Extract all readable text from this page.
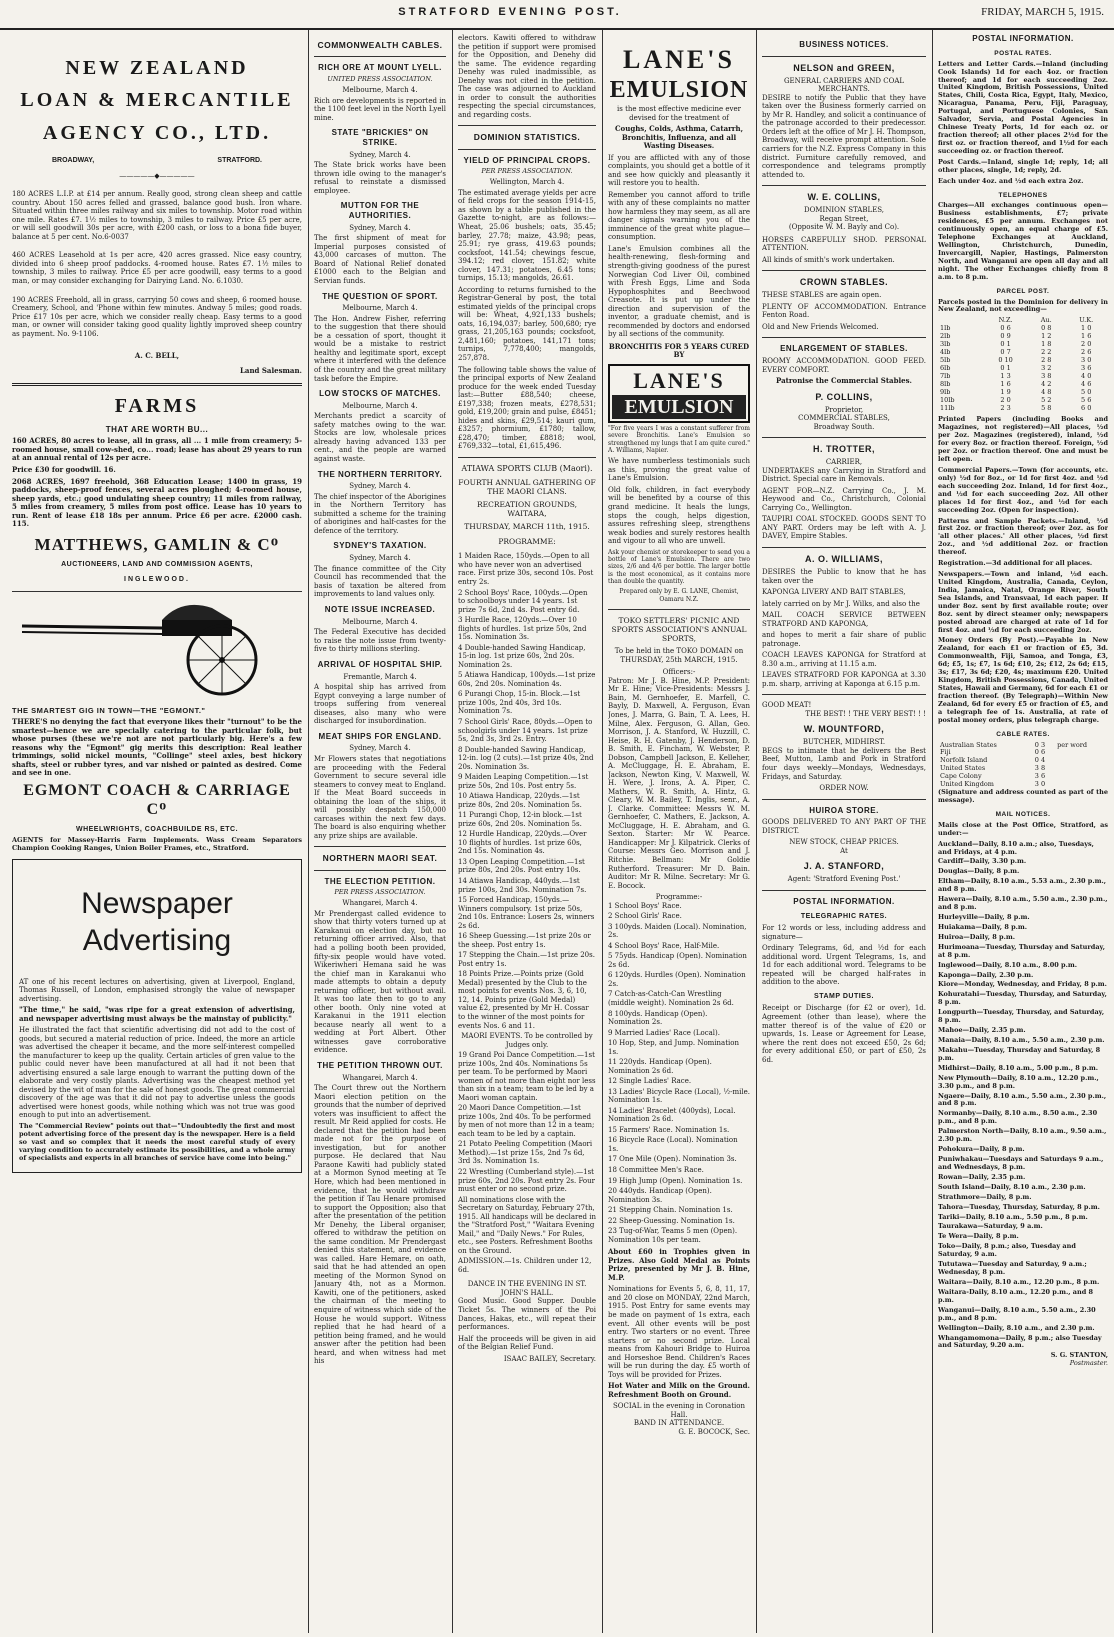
STRATFORD EVENING POST.	FRIDAY, MARCH 5, 1915.
NEW ZEALAND
LOAN & MERCANTILE
AGENCY CO., LTD.
BROADWAY,	STRATFORD.
—————◆—————

180 ACRES L.I.P. at £14 per annum. Really good, strong clean sheep and cattle country. About 150 acres felled and grassed, balance good bush. Iron whare. Situated within three miles railway and six miles to township. Motor road within one mile. Rates £7. 1½ miles to township, 3 miles to railway. Price £5 per acre, or will sell goodwill 30s per acre, with £200 cash, or loss to a bona fide buyer, balance at 5 per cent. No.6-0037

460 ACRES Leasehold at 1s per acre, 420 acres grassed. Nice easy country, divided into 6 sheep proof paddocks. 4-roomed house. Rates £7. 1½ miles to township, 3 miles to railway. Price £5 per acre goodwill, easy terms to a good man, or may consider exchanging for Dairying Land. No. 6.1030.

190 ACRES Freehold, all in grass, carrying 50 cows and sheep, 6 roomed house. Creamery, School, and 'Phone within few minutes. Andway 5 miles; good roads. Price £17 10s per acre, which we consider really cheap. Easy terms to a good man, or owner will consider taking good quality lightly improved sheep country as payment. No. 9-1106.

A. C. BELL,
Land Salesman.
FARMS
THAT ARE WORTH BU...

160 ACRES, 80 acres to lease, all in grass, all ... 1 mile from creamery; 5-roomed house, small cow-shed, co... road; lease has about 29 years to run at an annual rental of 12s per acre.

Price £30 for goodwill. 16.

2068 ACRES, 1697 freehold, 368 Education Lease; 1400 in grass, 19 paddocks, sheep-proof fences, several acres ploughed; 4-roomed house, sheep yards, etc.; good undulating sheep country; 11 miles from railway, 5 miles from creamery, 5 miles from post office. Lease has 10 years to run. Rent of lease £18 18s per annum. Price £6 per acre. £2000 cash. 115.

MATTHEWS, GAMLIN & Cᴼ
AUCTIONEERS, LAND AND COMMISSION AGENTS,
INGLEWOOD.
THE SMARTEST GIG IN TOWN—THE "EGMONT."

THERE'S no denying the fact that everyone likes their "turnout" to be the smartest—hence we are specially catering to the particular folk, but whose purses (these we're not are not particularly big. Here's a few reasons why the "Egmont" gig merits this description: Real leather trimmings, solid nickel mounts, "Collinge" steel axles, best hickory shafts, steel or rubber tyres, and var nished or painted as desired. Come and see in one.

EGMONT COACH & CARRIAGE Cᴼ
WHEELWRIGHTS, COACHBUILDE RS, ETC.

AGENTS for Massey-Harris Farm Implements. Wass Cream Separators Champion Cooking Ranges, Union Boiler Frames, etc., Stratford.

Newspaper
Advertising

AT one of his recent lectures on advertising, given at Liverpool, England, Thomas Russell, of London, emphasised strongly the value of newspaper advertising.

"The time," he said, "was ripe for a great extension of advertising, and newspaper advertising must always be the mainstay of publicity."

He illustrated the fact that scientific advertising did not add to the cost of goods, but secured a material reduction of price. Indeed, the more an article was advertised the cheaper it became, and the more self-interest compelled the manufacturer to keep up the quality. Certain articles of gren value to the public could never have been manufactured at all had it not been that advertising ensured a sale large enough to warrant the putting down of the elaborate and very costly plants. Advertising was the cheapest method yet devised by the wit of man for the sale of honest goods. The great commercial discovery of the age was that it did not pay to advertise unless the goods advertised were honest goods, while nothing which was not true was good enough to put into an advertisement.

The "Commercial Review" points out that—"Undoubtedly the first and most potent advertising force of the present day is the newspaper. Here is a field so vast and so complex that it needs the most careful study of every varying condition to accurately estimate its possibilities, and a whole army of specialists and experts in all branches of service have come into being."

COMMONWEALTH CABLES.
RICH ORE AT MOUNT LYELL.
UNITED PRESS ASSOCIATION.
Melbourne, March 4.

Rich ore developments is reported in the 1100 feet level in the North Lyell mine.

STATE "BRICKIES" ON STRIKE.
Sydney, March 4.

The State brick works have been thrown idle owing to the manager's refusal to reinstate a dismissed employee.

MUTTON FOR THE AUTHORITIES.
Sydney, March 4.

The first shipment of meat for Imperial purposes consisted of 43,000 carcases of mutton. The Board of National Relief donated £1000 each to the Belgian and Servian funds.

THE QUESTION OF SPORT.
Melbourne, March 4.

The Hon. Andrew Fisher, referring to the suggestion that there should be a cessation of sport, thought it would be a mistake to restrict healthy and legitimate sport, except where it interfered with the defence of the country and the great military task before the Empire.

LOW STOCKS OF MATCHES.
Melbourne, March 4.

Merchants predict a scarcity of safety matches owing to the war. Stocks are low, wholesale prices already having advanced 133 per cent., and the people are warned against waste.

THE NORTHERN TERRITORY.
Sydney, March 4.

The chief inspector of the Aborigines in the Northern Territory has submitted a scheme for the training of aborigines and half-castes for the defence of the territory.

SYDNEY'S TAXATION.
Sydney, March 4.

The finance committee of the City Council has recommended that the basis of taxation be altered from improvements to land values only.

NOTE ISSUE INCREASED.
Melbourne, March 4.

The Federal Executive has decided to raise the note issue from twenty-five to thirty millions sterling.

ARRIVAL OF HOSPITAL SHIP.
Fremantle, March 4.

A hospital ship has arrived from Egypt conveying a large number of troops suffering from venereal diseases, also many who were discharged for insubordination.

MEAT SHIPS FOR ENGLAND.
Sydney, March 4.

Mr Flowers states that negotiations are proceeding with the Federal Government to secure several idle steamers to convey meat to England. If the Meat Board succeeds in obtaining the loan of the ships, it will possibly despatch 150,000 carcases within the next few days. The board is also enquiring whether any prize ships are available.

NORTHERN MAORI SEAT.
THE ELECTION PETITION.
PER PRESS ASSOCIATION.
Whangarei, March 4.

Mr Prendergast called evidence to show that thirty voters turned up at Karakanui on election day, but no returning officer arrived. Also, that had a polling booth been provided, fifty-six people would have voted. Wikeriwheri Hemana said he was the chief man in Karakanui who made attempts to obtain a deputy returning officer, but without avail. It was too late then to go to any other booth. Only nine voted at Karakanui in the 1911 election because nearly all went to a wedding at Port Albert. Other witnesses gave corroborative evidence.

THE PETITION THROWN OUT.
Whangarei, March 4.

The Court threw out the Northern Maori election petition on the grounds that the number of deprived voters was insufficient to affect the result. Mr Reid applied for costs. He declared that the petition had been made not for the purpose of investigation, but for another purpose. He declared that Nau Paraone Kawiti had publicly stated at a Mormon Synod meeting at Te Hore, which had been mentioned in evidence, that he would withdraw the petition if Tau Henare promised to support the Opposition; also that after the presentation of the petition Mr Denehy, the Liberal organiser, offered to withdraw the petition on the same condition. Mr Prendergast denied this statement, and evidence was called. Hare Hemare, on oath, said that he had attended an open meeting of the Mormon Synod on January 4th, not as a Mormon. Kawiti, one of the petitioners, asked the chairman of the meeting to enquire of witness which side of the House he would support. Witness replied that he had heard of a petition being framed, and he would answer after the petition had been heard, and when witness had met his

electors. Kawiti offered to withdraw the petition if support were promised for the Opposition, and Denehy did the same. The evidence regarding Denehy was ruled inadmissible, as Denehy was not cited in the petition. The case was adjourned to Auckland in order to consult the authorities respecting the special circumstances, and regarding costs.

DOMINION STATISTICS.
YIELD OF PRINCIPAL CROPS.
PER PRESS ASSOCIATION.
Wellington, March 4.

The estimated average yields per acre of field crops for the season 1914-15, as shown by a table published in the Gazette to-night, are as follows:—Wheat, 25.06 bushels; oats, 35.45; barley, 27.78; maize, 43.98; peas, 25.91; rye grass, 419.63 pounds; cocksfoot, 141.54; chewings fescue, 394.12; red clover, 151.82; white clover, 147.31; potatoes, 6.45 tons; turnips, 15.13; mangolds, 26.61.

According to returns furnished to the Registrar-General by post, the total estimated yields of the principal crops will be: Wheat, 4,921,133 bushels; oats, 16,194,037; barley, 500,680; rye grass, 21,205,163 pounds; cocksfoot, 2,481,160; potatoes, 141,171 tons; turnips, 7,778,400; mangolds, 257,878.

The following table shows the value of the principal exports of New Zealand produce for the week ended Tuesday last:—Butter £88,540; cheese, £197,338; frozen meats, £278,531; gold, £19,200; grain and pulse, £8451; hides and skins, £29,514; kauri gum, £3257; phormium, £1780; tallow, £28,470; timber, £8818; wool, £769,332—total, £1,615,496.

ATIAWA SPORTS CLUB (Maori).
FOURTH ANNUAL GATHERING OF THE MAORI CLANS.
RECREATION GROUNDS, WAITARA,
THURSDAY, MARCH 11th, 1915.
PROGRAMME:
1 Maiden Race, 150yds.—Open to all who have never won an advertised race. First prize 30s, second 10s. Post entry 2s.
2 School Boys' Race, 100yds.—Open to schoolboys under 14 years. 1st prize 7s 6d, 2nd 4s. Post entry 6d.
3 Hurdle Race, 120yds.—Over 10 flights of hurdles. 1st prize 50s, 2nd 15s. Nomination 3s.
4 Double-handed Sawing Handicap, 15-in log. 1st prize 60s, 2nd 20s. Nomination 2s.
5 Atiawa Handicap, 100yds.—1st prize 60s, 2nd 20s. Nomination 4s.
6 Purangi Chop, 15-in. Block.—1st prize 100s, 2nd 40s, 3rd 10s. Nomination 7s.
7 School Girls' Race, 80yds.—Open to schoolgirls under 14 years. 1st prize 5s, 2nd 3s, 3rd 2s. Entry.
8 Double-handed Sawing Handicap, 12-in. log (2 cuts).—1st prize 40s, 2nd 20s. Nomination 3s.
9 Maiden Leaping Competition.—1st prize 50s, 2nd 10s. Post entry 5s.
10 Atiawa Handicap, 220yds.—1st prize 80s, 2nd 20s. Nomination 5s.
11 Purangi Chop, 12-in block.—1st prize 60s, 2nd 20s. Nomination 5s.
12 Hurdle Handicap, 220yds.—Over 10 flights of hurdles. 1st prize 60s, 2nd 15s. Nomination 4s.
13 Open Leaping Competition.—1st prize 80s, 2nd 20s. Post entry 10s.
14 Atiawa Handicap, 440yds.—1st prize 100s, 2nd 30s. Nomination 7s.
15 Forced Handicap, 150yds.—Winners compulsory. 1st prize 50s, 2nd 10s. Entrance: Losers 2s, winners 2s 6d.
16 Sheep Guessing.—1st prize 20s or the sheep. Post entry 1s.
17 Stepping the Chain.—1st prize 20s. Post entry 1s.
18 Points Prize.—Points prize (Gold Medal) presented by the Club to the most points for events Nos. 3, 6, 10, 12, 14. Points prize (Gold Medal) value £2, presented by Mr H. Cossar to the winner of the most points for events Nos. 6 and 11.
MAORI EVENTS. To be controlled by Judges only.
19 Grand Poi Dance Competition.—1st prize 100s, 2nd 40s. Nominations 5s per team. To be performed by Maori women of not more than eight nor less than six in a team; team to be led by a Maori woman captain.
20 Maori Dance Competition.—1st prize 100s, 2nd 40s. To be performed by men of not more than 12 in a team; each team to be led by a captain.
21 Potato Peeling Competition (Maori Method).—1st prize 15s, 2nd 7s 6d, 3rd 3s. Nomination 1s.
22 Wrestling (Cumberland style).—1st prize 60s, 2nd 20s. Post entry 2s. Four must enter or no second prize.
All nominations close with the Secretary on Saturday, February 27th, 1915. All handicaps will be declared in the "Stratford Post," "Waitara Evening Mail," and "Daily News." For Rules, etc., see Posters. Refreshment Booths on the Ground.
ADMISSION.—1s. Children under 12, 6d.
DANCE IN THE EVENING IN ST. JOHN'S HALL.

Good Music. Good Supper. Double Ticket 5s. The winners of the Poi Dances, Hakas, etc., will repeat their performances.

Half the proceeds will be given in aid of the Belgian Relief Fund.

ISAAC BAILEY, Secretary.
LANE'S
EMULSION

is the most effective medicine ever devised for the treatment of

Coughs, Colds, Asthma, Catarrh, Bronchitis, Influenza, and all Wasting Diseases.

If you are afflicted with any of those complaints, you should get a bottle of it and see how quickly and pleasantly it will restore you to health.

Remember you cannot afford to trifle with any of these complaints no matter how harmless they may seem, as all are danger signals warning you of the imminence of the great white plague—consumption.

Lane's Emulsion combines all the health-renewing, flesh-forming and strength-giving goodness of the purest Norwegian Cod Liver Oil, combined with Fresh Eggs, Lime and Soda Hypophosphites and Beechwood Creasote. It is put up under the direction and supervision of the inventor, a graduate chemist, and is recommended by doctors and endorsed by all sections of the community.

BRONCHITIS FOR 5 YEARS CURED BY
LANE'S
EMULSION

"For five years I was a constant sufferer from severe Bronchitis. Lane's Emulsion so strengthened my lungs that I am quite cured." A. Williams, Napier.

We have numberless testimonials such as this, proving the great value of Lane's Emulsion.

Old folk, children, in fact everybody will be benefited by a course of this grand medicine. It heals the lungs, stops the cough, helps digestion, assures refreshing sleep, strengthens weak bodies and surely restores health and vigour to all who are unwell.

Ask your chemist or storekeeper to send you a bottle of Lane's Emulsion. There are two sizes, 2/6 and 4/6 per bottle. The larger bottle is the most economical, as it contains more than double the quantity.

Prepared only by E. G. LANE, Chemist, Oamaru N.Z.
TOKO SETTLERS' PICNIC AND SPORTS ASSOCIATION'S ANNUAL SPORTS,
To be held in the TOKO DOMAIN on THURSDAY, 25th MARCH, 1915.
Officers:-

Patron: Mr J. B. Hine, M.P. President: Mr E. Hine; Vice-Presidents: Messrs J. Bain, M. Gernhoefer, E. Marfell, C. Bayly, D. Maxwell, A. Ferguson, Evan Jones, J. Marra, G. Bain, T. A. Lees, H. Milne, Alex. Ferguson, G. Allan, Geo. Morrison, J. A. Stanford, W. Huzzill, C. Heise, R. H. Gatenby, J. Henderson, D. B. Smith, E. Fincham, W. Webster, P. Dobson, Campbell Jackson, E. Kelleher, A. McCluggage, H. E. Abraham, E. Jackson, Newton King, V. Maxwell, W. H. Were, J. Irons, A. A. Piper, C. Mathers, W. R. Smith, A. Hintz, G. Cleary, W. M. Bailey, T. Inglis, senr., A. J. Clarke. Committee: Messrs W. M. Gernhoefer, C. Mathers, E. Jackson, A. McCluggage, H. E. Abraham, and G. Sexton. Starter: Mr W. Pearce. Handicapper: Mr J. Kilpatrick. Clerks of Course: Messrs Geo. Morrison and J. Ritchie. Bellman: Mr Goldie Rutherford. Treasurer: Mr D. Bain. Auditor: Mr R. Milne. Secretary: Mr G. E. Bocock.

Programme:-
1 School Boys' Race.
2 School Girls' Race.
3 100yds. Maiden (Local). Nomination, 2s.
4 School Boys' Race, Half-Mile.
5 75yds. Handicap (Open). Nomination 2s 6d.
6 120yds. Hurdles (Open). Nomination 2s.
7 Catch-as-Catch-Can Wrestling (middle weight). Nomination 2s 6d.
8 100yds. Handicap (Open). Nomination 2s.
9 Married Ladies' Race (Local).
10 Hop, Step, and Jump. Nomination 1s.
11 220yds. Handicap (Open). Nomination 2s 6d.
12 Single Ladies' Race.
13 Ladies' Bicycle Race (Local), ½-mile. Nomination 1s.
14 Ladies' Bracelet (400yds), Local. Nomination 2s 6d.
15 Farmers' Race. Nomination 1s.
16 Bicycle Race (Local). Nomination 1s.
17 One Mile (Open). Nomination 3s.
18 Committee Men's Race.
19 High Jump (Open). Nomination 1s.
20 440yds. Handicap (Open). Nomination 3s.
21 Stepping Chain. Nomination 1s.
22 Sheep-Guessing. Nomination 1s.
23 Tug-of-War, Teams 5 men (Open). Nomination 10s per team.

About £60 in Trophies given in Prizes. Also Gold Medal as Points Prize, presented by Mr J. B. Hine, M.P.

Nominations for Events 5, 6, 8, 11, 17, and 20 close on MONDAY, 22nd March, 1915. Post Entry for same events may be made on payment of 1s extra, each event. All other events will be post entry. Two starters or no event. Three starters or no second prize. Local means from Kahouri Bridge to Huiroa and Horseshoe Bend. Children's Races will be run during the day. £5 worth of Toys will be provided for Prizes.

Hot Water and Milk on the Ground. Refreshment Booth on Ground.

SOCIAL in the evening in Coronation Hall.
BAND IN ATTENDANCE.
G. E. BOCOCK, Sec.
BUSINESS NOTICES.
NELSON and GREEN,
GENERAL CARRIERS AND COAL MERCHANTS.

DESIRE to notify the Public that they have taken over the Business formerly carried on by Mr R. Handley, and solicit a continuance of the patronage accorded to their predecessor. Orders left at the office of Mr J. H. Thompson, Broadway, will receive prompt attention. Sole carriers for the N.Z. Express Company in this district. Furniture carefully removed, and correspondence and telegrams promptly attended to.

W. E. COLLINS,
DOMINION STABLES,
Regan Street,
(Opposite W. M. Bayly and Co).

HORSES CAREFULLY SHOD. PERSONAL ATTENTION.

All kinds of smith's work undertaken.

CROWN STABLES.

THESE STABLES are again open.

PLENTY OF ACCOMMODATION. Entrance Fenton Road.

Old and New Friends Welcomed.

ENLARGEMENT OF STABLES.

ROOMY ACCOMMODATION. GOOD FEED. EVERY COMFORT.

Patronise the Commercial Stables.
P. COLLINS,
Proprietor,
COMMERCIAL STABLES,
Broadway South.
H. TROTTER,
CARRIER,

UNDERTAKES any Carrying in Stratford and District. Special care in Removals.

AGENT FOR—N.Z. Carrying Co., J. M. Heywood and Co., Christchurch, Colonial Carrying Co., Wellington.

TAUPIRI COAL STOCKED. GOODS SENT TO ANY PART. Orders may be left with A. J. DAVEY, Empire Stables.

A. O. WILLIAMS,

DESIRES the Public to know that he has taken over the

KAPONGA LIVERY AND BAIT STABLES,

lately carried on by Mr J. Wilks, and also the

MAIL COACH SERVICE BETWEEN STRATFORD AND KAPONGA,

and hopes to merit a fair share of public patronage.

COACH LEAVES KAPONGA for Stratford at 8.30 a.m., arriving at 11.15 a.m.

LEAVES STRATFORD FOR KAPONGA at 3.30 p.m. sharp, arriving at Kaponga at 6.15 p.m.

GOOD MEAT!
THE BEST! ! THE VERY BEST! ! !
W. MOUNTFORD,
BUTCHER, MIDHIRST.

BEGS to intimate that he delivers the Best Beef, Mutton, Lamb and Pork in Stratford four days weekly—Mondays, Wednesdays, Fridays, and Saturday.

ORDER NOW.
HUIROA STORE.

GOODS DELIVERED TO ANY PART OF THE DISTRICT.

NEW STOCK, CHEAP PRICES.
At
J. A. STANFORD,
Agent: 'Stratford Evening Post.'
POSTAL INFORMATION.
TELEGRAPHIC RATES.

For 12 words or less, including address and signature—

Ordinary Telegrams, 6d, and ½d for each additional word. Urgent Telegrams, 1s, and 1d for each additional word. Telegrams to be repeated will be charged half-rates in addition to the above.

STAMP DUTIES.

Receipt or Discharge (for £2 or over), 1d. Agreement (other than lease), where the matter thereof is of the value of £20 or upwards, 1s. Lease or Agreement for Lease, where the rent does not exceed £50, 2s 6d; for every additional £50, or part of £50, 2s 6d.

POSTAL INFORMATION.
POSTAL RATES.

Letters and Letter Cards.—Inland (including Cook Islands) 1d for each 4oz. or fraction thereof; and 1d for each succeeding 2oz. United Kingdom, British Possessions, United States, Chili, Costa Rica, Egypt, Italy, Mexico, Nicaragua, Panama, Peru, Fiji, Paraguay, Portugal, and Portuguese Colonies, San Salvador, Servia, and Postal Agencies in Chinese Treaty Ports, 1d for each oz. or fraction thereof; all other places 2½d for the first oz. or fraction thereof, and 1½d for each succeeding oz. or fraction thereof.

Post Cards.—Inland, single 1d; reply, 1d; all other places, single, 1d; reply, 2d.

Each under 4oz. and ½d each extra 2oz.

TELEPHONES

Charges—All exchanges continuous open—Business establishments, £7; private residences, £5 per annum. Exchanges not continuously open, an equal charge of £5. Telephone Exchanges at Auckland, Wellington, Christchurch, Dunedin, Invercargill, Napier, Hastings, Palmerston North, and Wanganui are open all day and all night. The other Exchanges chiefly from 8 a.m. to 8 p.m.

PARCEL POST.

Parcels posted in the Dominion for delivery in New Zealand, not exceeding—

	N.Z.	Au.	U.K.
1lb	0 6	0 8	1 0
2lb	0 9	1 2	1 6
3lb	0 1	1 8	2 0
4lb	0 7	2 2	2 6
5lb	0 10	2 8	3 0
6lb	0 1	3 2	3 6
7lb	1 3	3 8	4 0
8lb	1 6	4 2	4 6
9lb	1 9	4 8	5 0
10lb	2 0	5 2	5 6
11lb	2 3	5 8	6 0

Printed Papers (including Books and Magazines, not registered)—All places, ½d per 2oz. Magazines (registered), inland, ½d for every 8oz. or fraction thereof. Foreign, ½d per 2oz. or fraction thereof. One and must be left open.

Commercial Papers.—Town (for accounts, etc. only) ½d for 8oz., or 1d for first 4oz. and ½d each succeeding 2oz. Inland, 1d for first 4oz., and ½d for each succeeding 2oz. All other places 1d for first 4oz., and ½d for each succeeding 2oz. (Open for inspection).

Patterns and Sample Packets.—Inland, ½d first 2oz. or fraction thereof; over 2oz. as for 'all other places.' All other places, ½d first 2oz., and ½d additional 2oz. or fraction thereof.

Registration.—3d additional for all places.

Newspapers.—Town and inland, ½d each. United Kingdom, Australia, Canada, Ceylon, India, Jamaica, Natal, Orange River, South Sea Islands, and Transvaal, 1d each paper. If under 8oz. sent by first available route; over 8oz. sent by direct steamer only; newspapers posted abroad are charged at rate of 1d for first 4oz. and ½d for each succeeding 2oz.

Money Orders (By Post).—Payable in New Zealand, for each £1 or fraction of £5, 3d. Commonwealth, Fiji, Samoa, and Tonga, £3, 6d; £5, 1s; £7, 1s 6d; £10, 2s; £12, 2s 6d; £15, 3s; £17, 3s 6d; £20, 4s; maximum £20. United Kingdom, British Possessions, Canada, United States, Hawaii and Germany, 6d for each £1 or fraction thereof. (By Telegraph)—Within New Zealand, 6d for every £5 or fraction of £5, and a telegraph fee of 1s. Australia, at rate of postal money orders, plus telegraph charge.

CABLE RATES.
Australian States	0 3	per word
Fiji	0 6	
Norfolk Island	0 4	
United States	3 8	
Cape Colony	3 6	
United Kingdom	3 0	

(Signature and address counted as part of the message).

MAIL NOTICES.

Mails close at the Post Office, Stratford, as under:—

Auckland—Daily, 8.10 a.m.; also, Tuesdays, and Fridays, at 4 p.m.
Cardiff—Daily, 3.30 p.m.
Douglas—Daily, 8 p.m.
Eltham—Daily, 8.10 a.m., 5.53 a.m., 2.30 p.m., and 8 p.m.
Hawera—Daily, 8.10 a.m., 5.50 a.m., 2.30 p.m., and 8 p.m.
Hurleyville—Daily, 8 p.m.
Huiakama—Daily, 8 p.m.
Huiroa—Daily, 8 p.m.
Hurimoana—Tuesday, Thursday and Saturday, at 8 p.m.
Inglewood—Daily, 8.10 a.m., 8.00 p.m.
Kaponga—Daily, 2.30 p.m.
Kiore—Monday, Wednesday, and Friday, 8 p.m.
Kohuratahi—Tuesday, Thursday, and Saturday, 8 p.m.
Longpurth—Tuesday, Thursday, and Saturday, 8 p.m.
Mahoe—Daily, 2.35 p.m.
Manaia—Daily, 8.10 a.m., 5.50 a.m., 2.30 p.m.
Makahu—Tuesday, Thursday and Saturday, 8 p.m.
Midhirst—Daily, 8.10 a.m., 5.00 p.m., 8 p.m.
New Plymouth—Daily, 8.10 a.m., 12.20 p.m., 3.30 p.m., and 8 p.m.
Ngaere—Daily, 8.10 a.m., 5.50 a.m., 2.30 p.m., and 8 p.m.
Normanby—Daily, 8.10 a.m., 8.50 a.m., 2.30 p.m., and 8 p.m.
Palmerston North—Daily, 8.10 a.m., 9.50 a.m., 2.30 p.m.
Pohokura—Daily, 8 p.m.
Puniwhakau—Tuesdays and Saturdays 9 a.m., and Wednesdays, 8 p.m.
Rowan—Daily, 2.35 p.m.
South Island—Daily, 8.10 a.m., 2.30 p.m.
Strathmore—Daily, 8 p.m.
Tahora—Tuesday, Thursday, Saturday, 8 p.m.
Tariki—Daily, 8.10 a.m., 5.50 p.m., 8 p.m.
Taurakawa—Saturday, 9 a.m.
Te Wera—Daily, 8 p.m.
Toko—Daily, 8 p.m.; also, Tuesday and Saturday, 9 a.m.
Tututawa—Tuesday and Saturday, 9 a.m.; Wednesday, 8 p.m.
Waitara—Daily, 8.10 a.m., 12.20 p.m., 8 p.m.
Waitara-Daily, 8.10 a.m., 12.20 p.m., and 8 p.m.
Wanganui—Daily, 8.10 a.m., 5.50 a.m., 2.30 p.m., and 8 p.m.
Wellington—Daily, 8.10 a.m., and 2.30 p.m.
Whangamomona—Daily, 8 p.m.; also Tuesday and Saturday, 9.20 a.m.
S. G. STANTON,
Postmaster.
